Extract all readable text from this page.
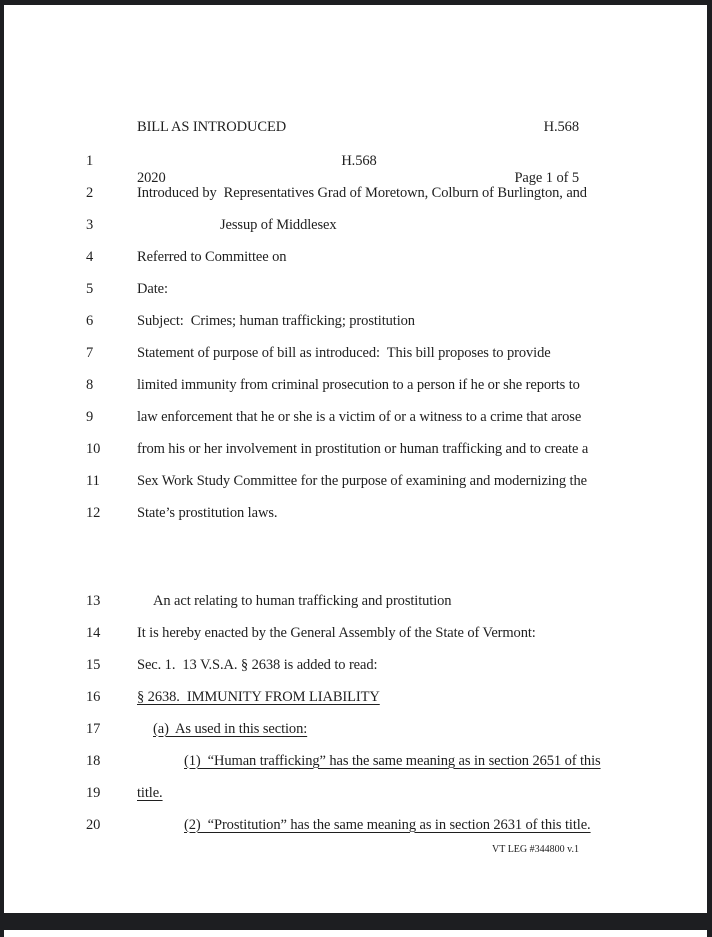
BILL AS INTRODUCED

2020

H.568

Page 1 of 5

1	H.568
2	Introduced by  Representatives Grad of Moretown, Colburn of Burlington, and
3	Jessup of Middlesex
4	Referred to Committee on
5	Date:
6	Subject:  Crimes; human trafficking; prostitution
7	Statement of purpose of bill as introduced:  This bill proposes to provide
8	limited immunity from criminal prosecution to a person if he or she reports to
9	law enforcement that he or she is a victim of or a witness to a crime that arose
10	from his or her involvement in prostitution or human trafficking and to create a
11	Sex Work Study Committee for the purpose of examining and modernizing the
12	State’s prostitution laws.
13	An act relating to human trafficking and prostitution
14	It is hereby enacted by the General Assembly of the State of Vermont:
15	Sec. 1.  13 V.S.A. § 2638 is added to read:
16	§ 2638.  IMMUNITY FROM LIABILITY
17	(a)  As used in this section:
18	(1)  “Human trafficking” has the same meaning as in section 2651 of this
19	title.
20	(2)  “Prostitution” has the same meaning as in section 2631 of this title.
VT LEG #344800 v.1
